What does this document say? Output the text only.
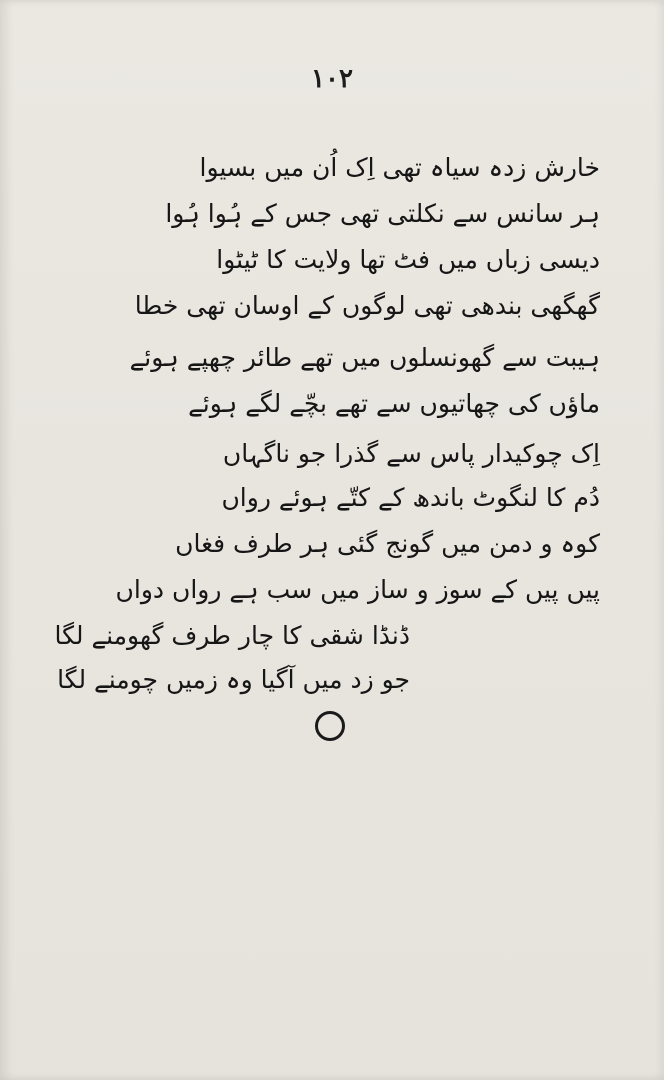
۱۰۲
خارش زدہ سیاہ تھی اِک اُن میں بسیوا
ہر سانس سے نکلتی تھی جس کے ہُوا ہُوا
دیسی زباں میں فٹ تھا ولایت کا ٹیٹوا
گھگھی بندھی تھی لوگوں کے اوسان تھی خطا
ہیبت سے گھونسلوں میں تھے طائر چھپے ہوئے
ماؤں کی چھاتیوں سے تھے بچّے لگے ہوئے
اِک چوکیدار پاس سے گذرا جو ناگہاں
دُم کا لنگوٹ باندھ کے کتّے ہوئے رواں
کوہ و دمن میں گونج گئی ہر طرف فغاں
پیں پیں کے سوز و ساز میں سب ہے رواں دواں
ڈنڈا شقی کا چار طرف گھومنے لگا
جو زد میں آگیا وہ زمیں چومنے لگا
